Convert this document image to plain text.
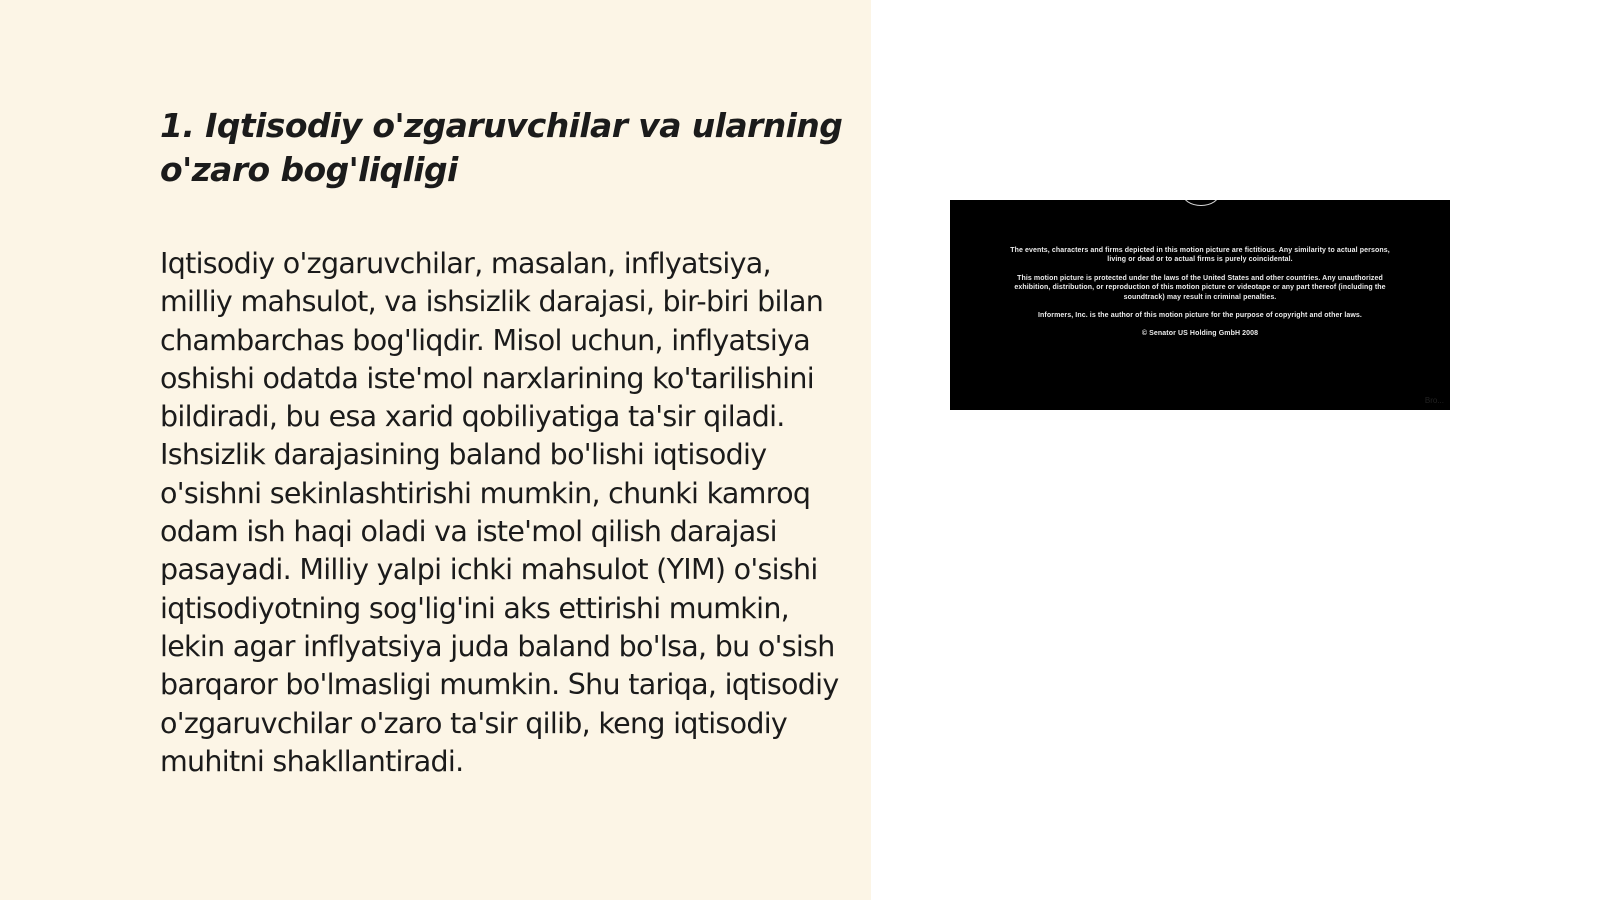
1. Iqtisodiy o'zgaruvchilar va ularning o'zaro bog'liqligi

Iqtisodiy o'zgaruvchilar, masalan, inflyatsiya, milliy mahsulot, va ishsizlik darajasi, bir-biri bilan chambarchas bog'liqdir. Misol uchun, inflyatsiya oshishi odatda iste'mol narxlarining ko'tarilishini bildiradi, bu esa xarid qobiliyatiga ta'sir qiladi. Ishsizlik darajasining baland bo'lishi iqtisodiy o'sishni sekinlashtirishi mumkin, chunki kamroq odam ish haqi oladi va iste'mol qilish darajasi pasayadi. Milliy yalpi ichki mahsulot (YIM) o'sishi iqtisodiyotning sog'lig'ini aks ettirishi mumkin, lekin agar inflyatsiya juda baland bo'lsa, bu o'sish barqaror bo'lmasligi mumkin. Shu tariqa, iqtisodiy o'zgaruvchilar o'zaro ta'sir qilib, keng iqtisodiy muhitni shakllantiradi.

The events, characters and firms depicted in this motion picture are fictitious. Any similarity to actual persons, living or dead or to actual firms is purely coincidental.

This motion picture is protected under the laws of the United States and other countries. Any unauthorized exhibition, distribution, or reproduction of this motion picture or videotape or any part thereof (including the soundtrack) may result in criminal penalties.

Informers, Inc. is the author of this motion picture for the purpose of copyright and other laws.

© Senator US Holding GmbH 2008

Bro...
